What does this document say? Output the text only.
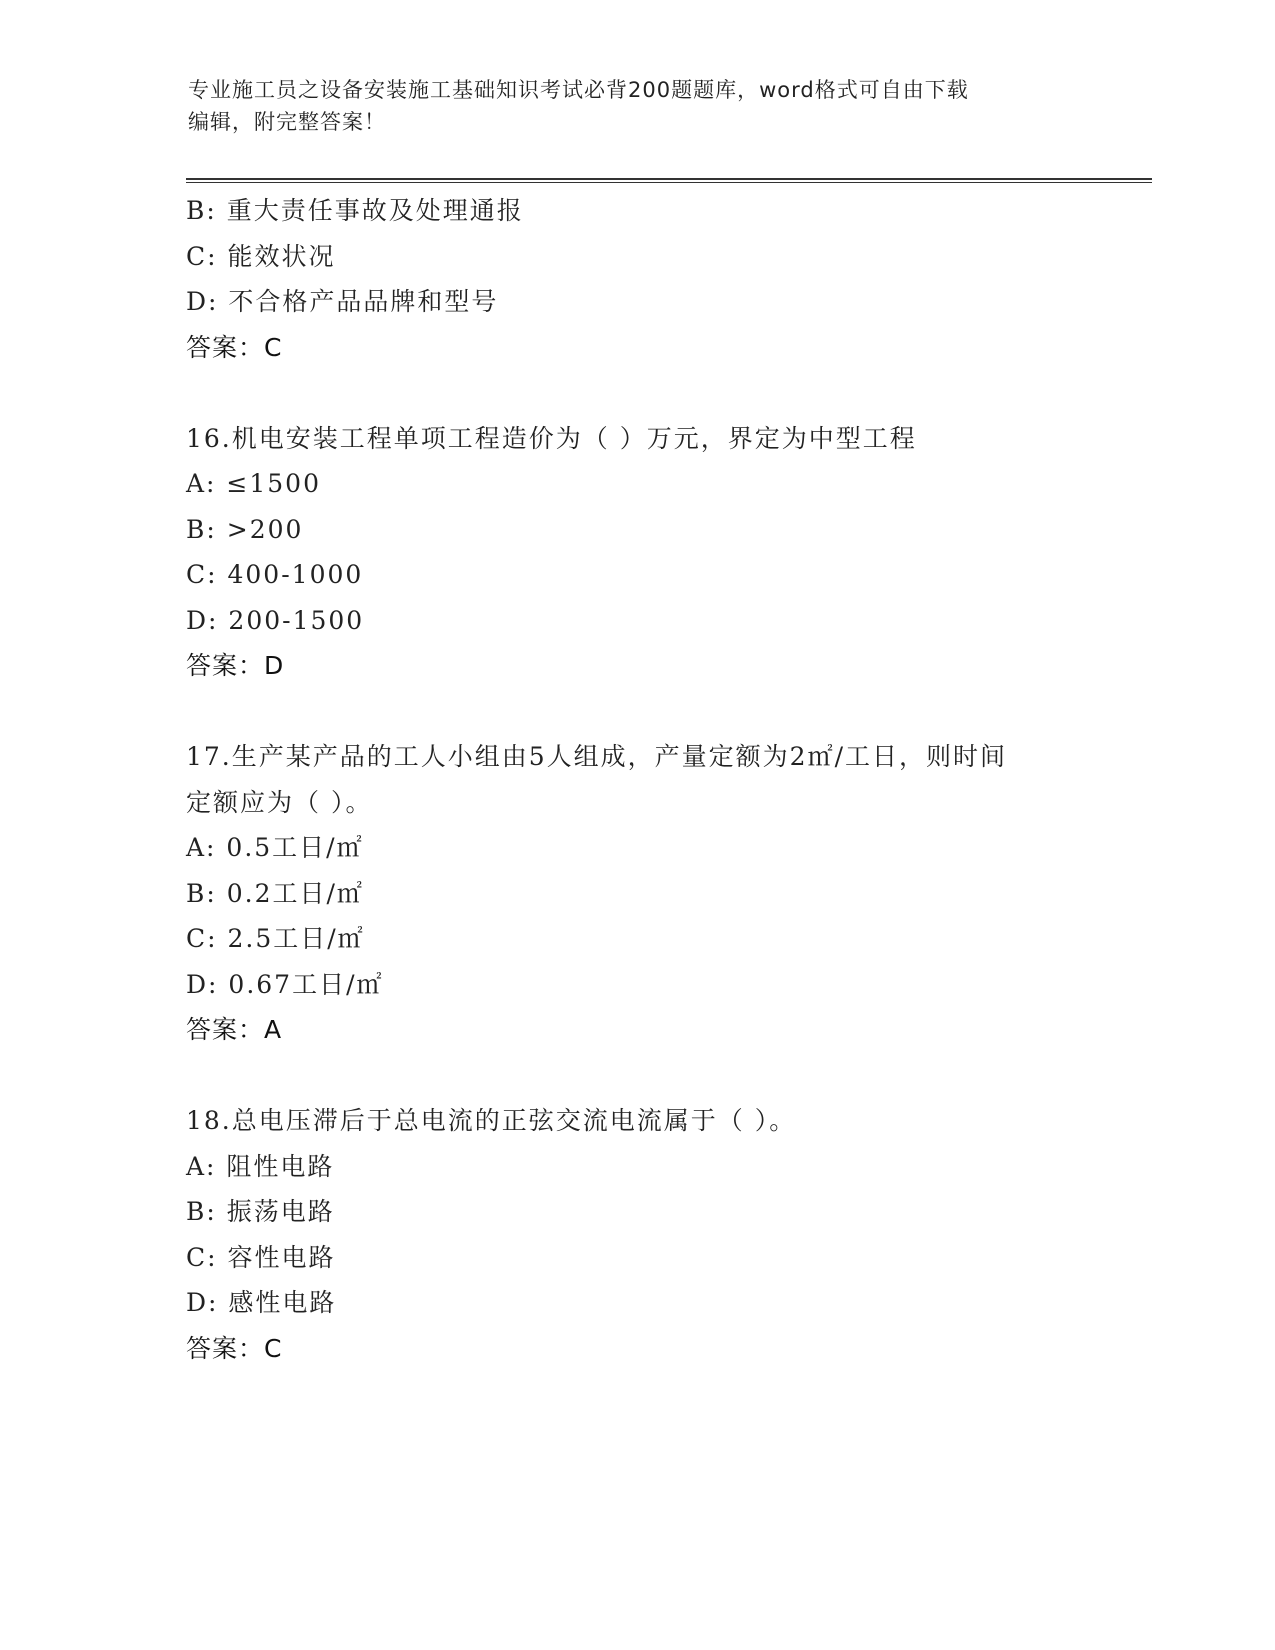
专业施工员之设备安装施工基础知识考试必背200题题库，word格式可自由下载
编辑，附完整答案！
B: 重大责任事故及处理通报
C: 能效状况
D: 不合格产品品牌和型号
答案：C
16.机电安装工程单项工程造价为（ ）万元，界定为中型工程
A: ≤1500
B: >200
C: 400-1000
D: 200-1500
答案：D
17.生产某产品的工人小组由5人组成，产量定额为2㎡/工日，则时间
定额应为（ ）。
A: 0.5工日/㎡
B: 0.2工日/㎡
C: 2.5工日/㎡
D: 0.67工日/㎡
答案：A
18.总电压滞后于总电流的正弦交流电流属于（ ）。
A: 阻性电路
B: 振荡电路
C: 容性电路
D: 感性电路
答案：C
